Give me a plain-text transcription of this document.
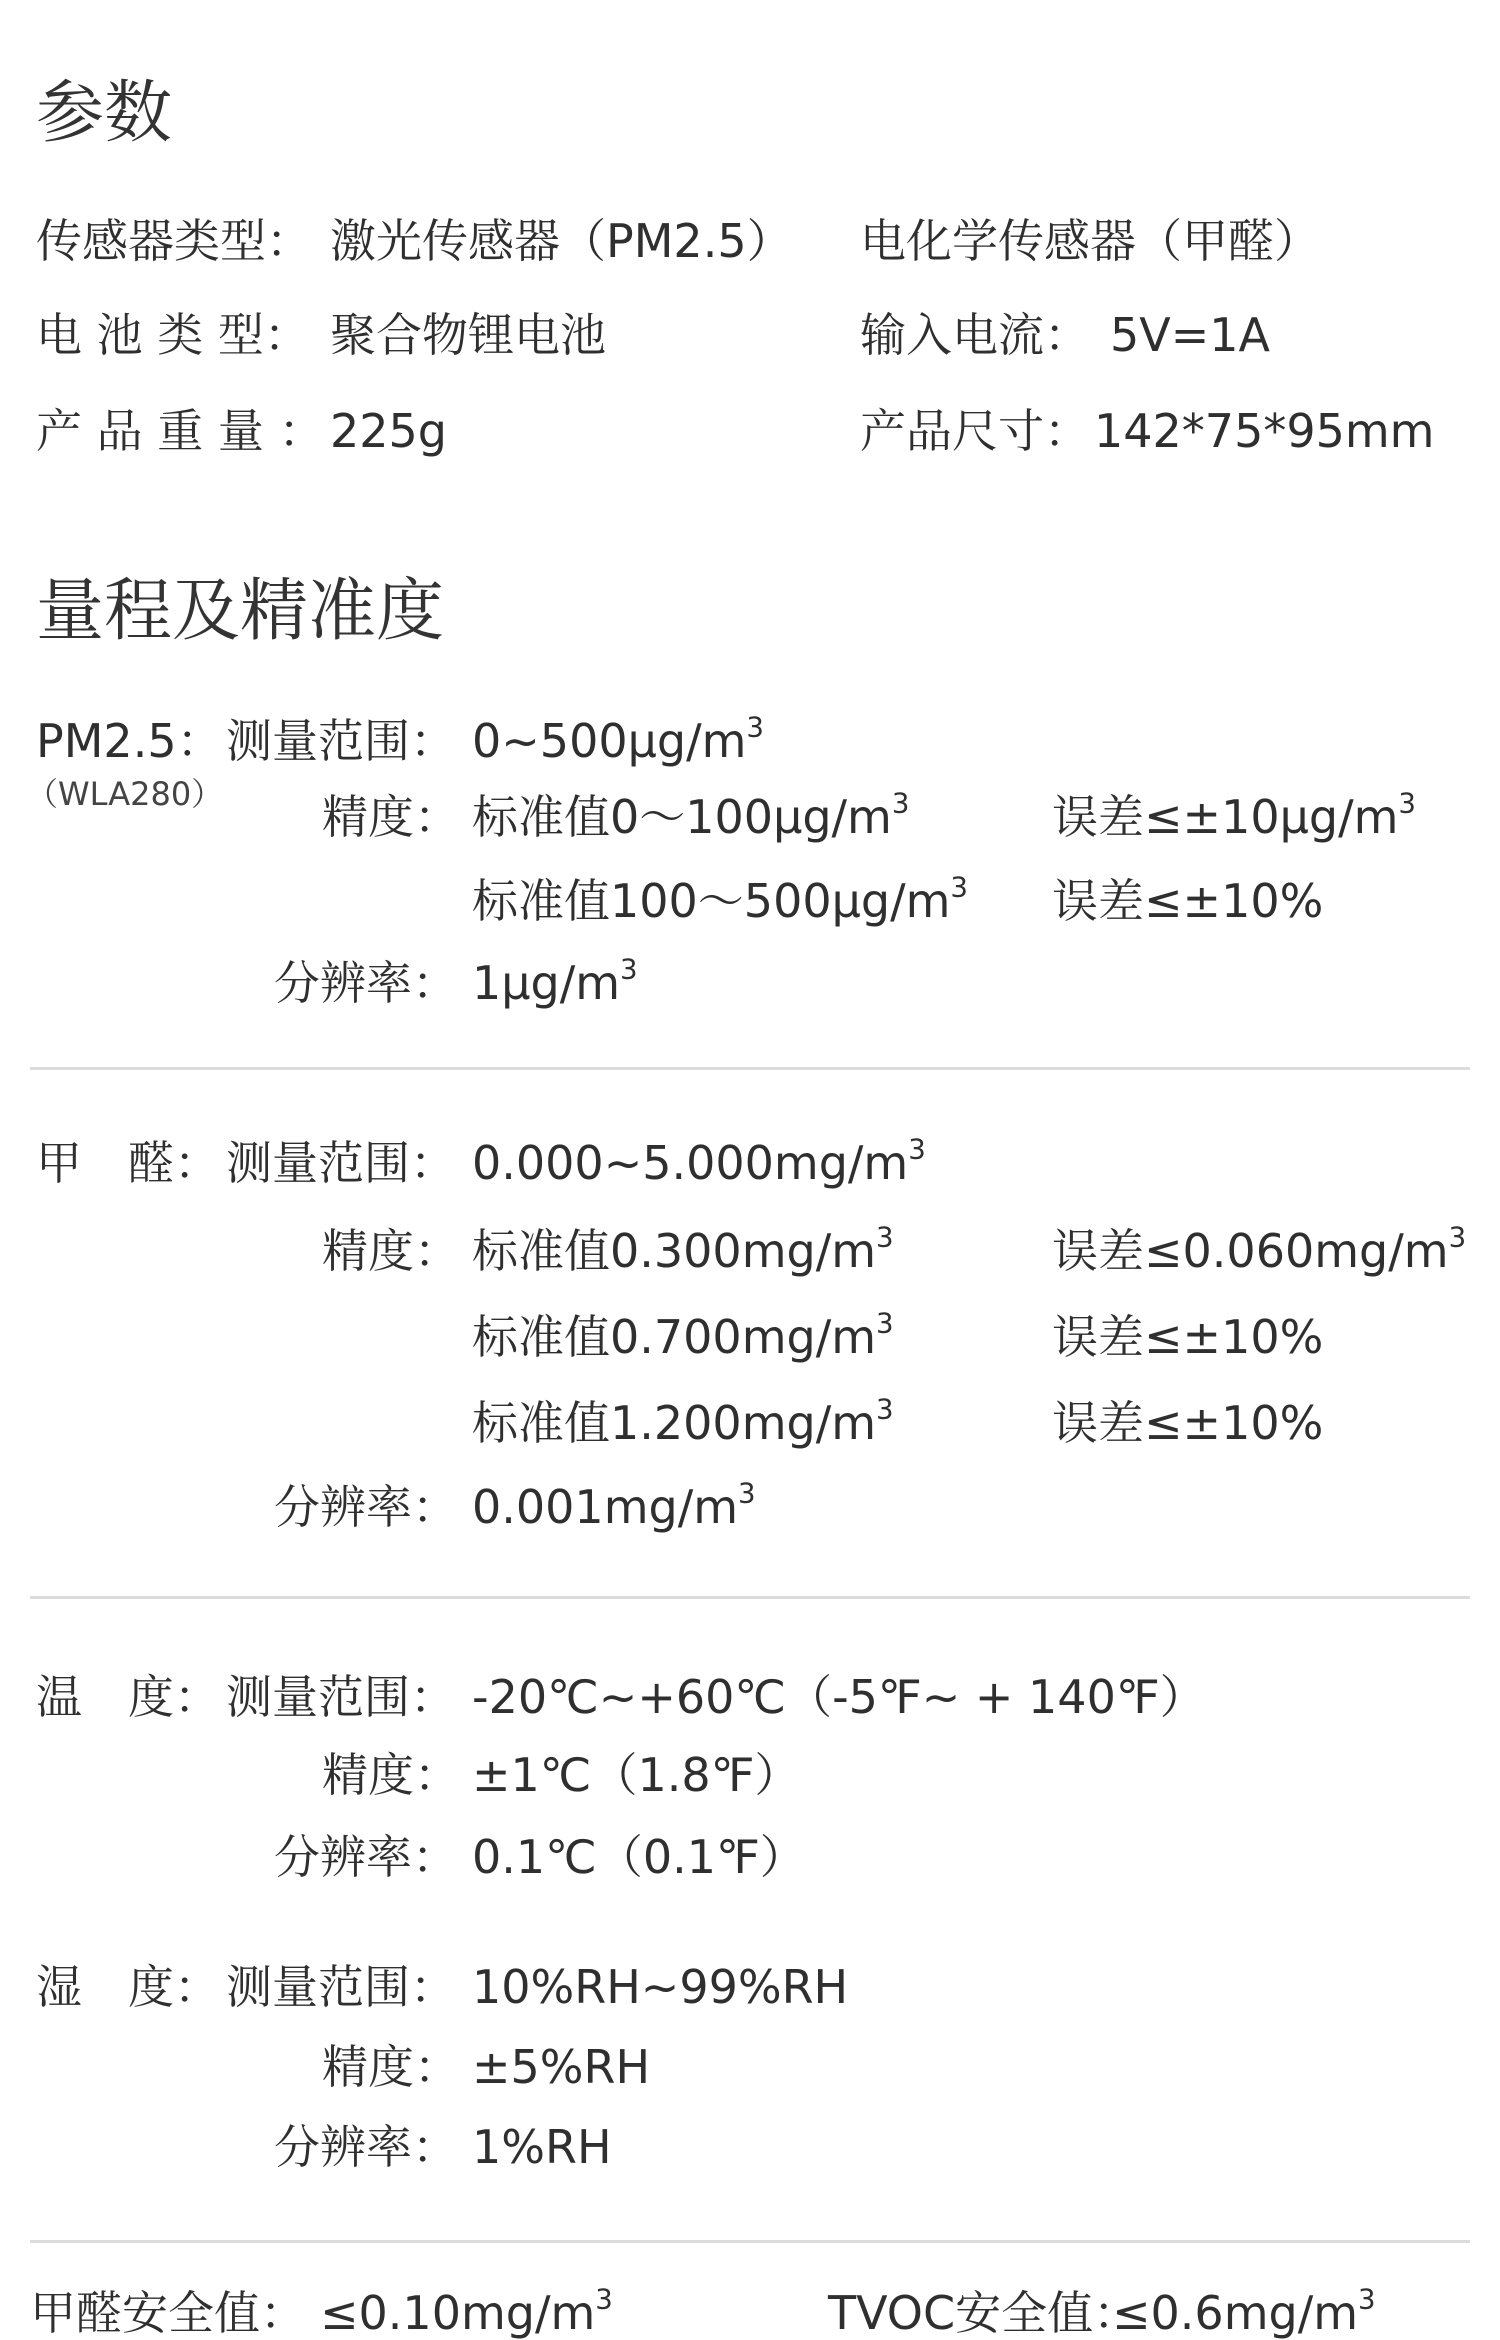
参数
传感器类型： 激光传感器（PM2.5） 电化学传感器（甲醛）
电 池 类 型： 聚合物锂电池	输入电流： 5V=1A
产 品 重 量 ： 225g	产品尺寸： 142*75*95mm
量程及精准度
PM2.5：
（WLA280）
测量范围： $0\sim 500\mu g/m^3$
精度： 标准值$0\sim 100\mu g/m^3$	误差$\le\pm 10\mu g/m^3$
标准值$100\sim 500\mu g/m^3$ 误差≤±10%
分辨率： $1\mu g/m^3$
甲　醛： 测量范围： $0.000\sim 5.000mg/m^3$
精度： 标准值$0.300mg/m^3$	误差$\le 0.060mg/m^3$
标准值$0.700mg/m^3$	误差≤±10%
标准值$1.200mg/m^3$	误差≤±10%
分辨率： $0.001mg/m^3$
温　度： 测量范围： -20℃~+60℃（-5℉~ + 140℉）
精度： ±1℃（1.8℉）
分辨率： 0.1℃（0.1℉）
湿　度： 测量范围： 10%RH~99%RH
精度： ±5%RH
分辨率： 1%RH
甲醛安全值： $\le 0.10mg/m^3$	TVOC安全值：
$\le 0.6mg/m^3$
